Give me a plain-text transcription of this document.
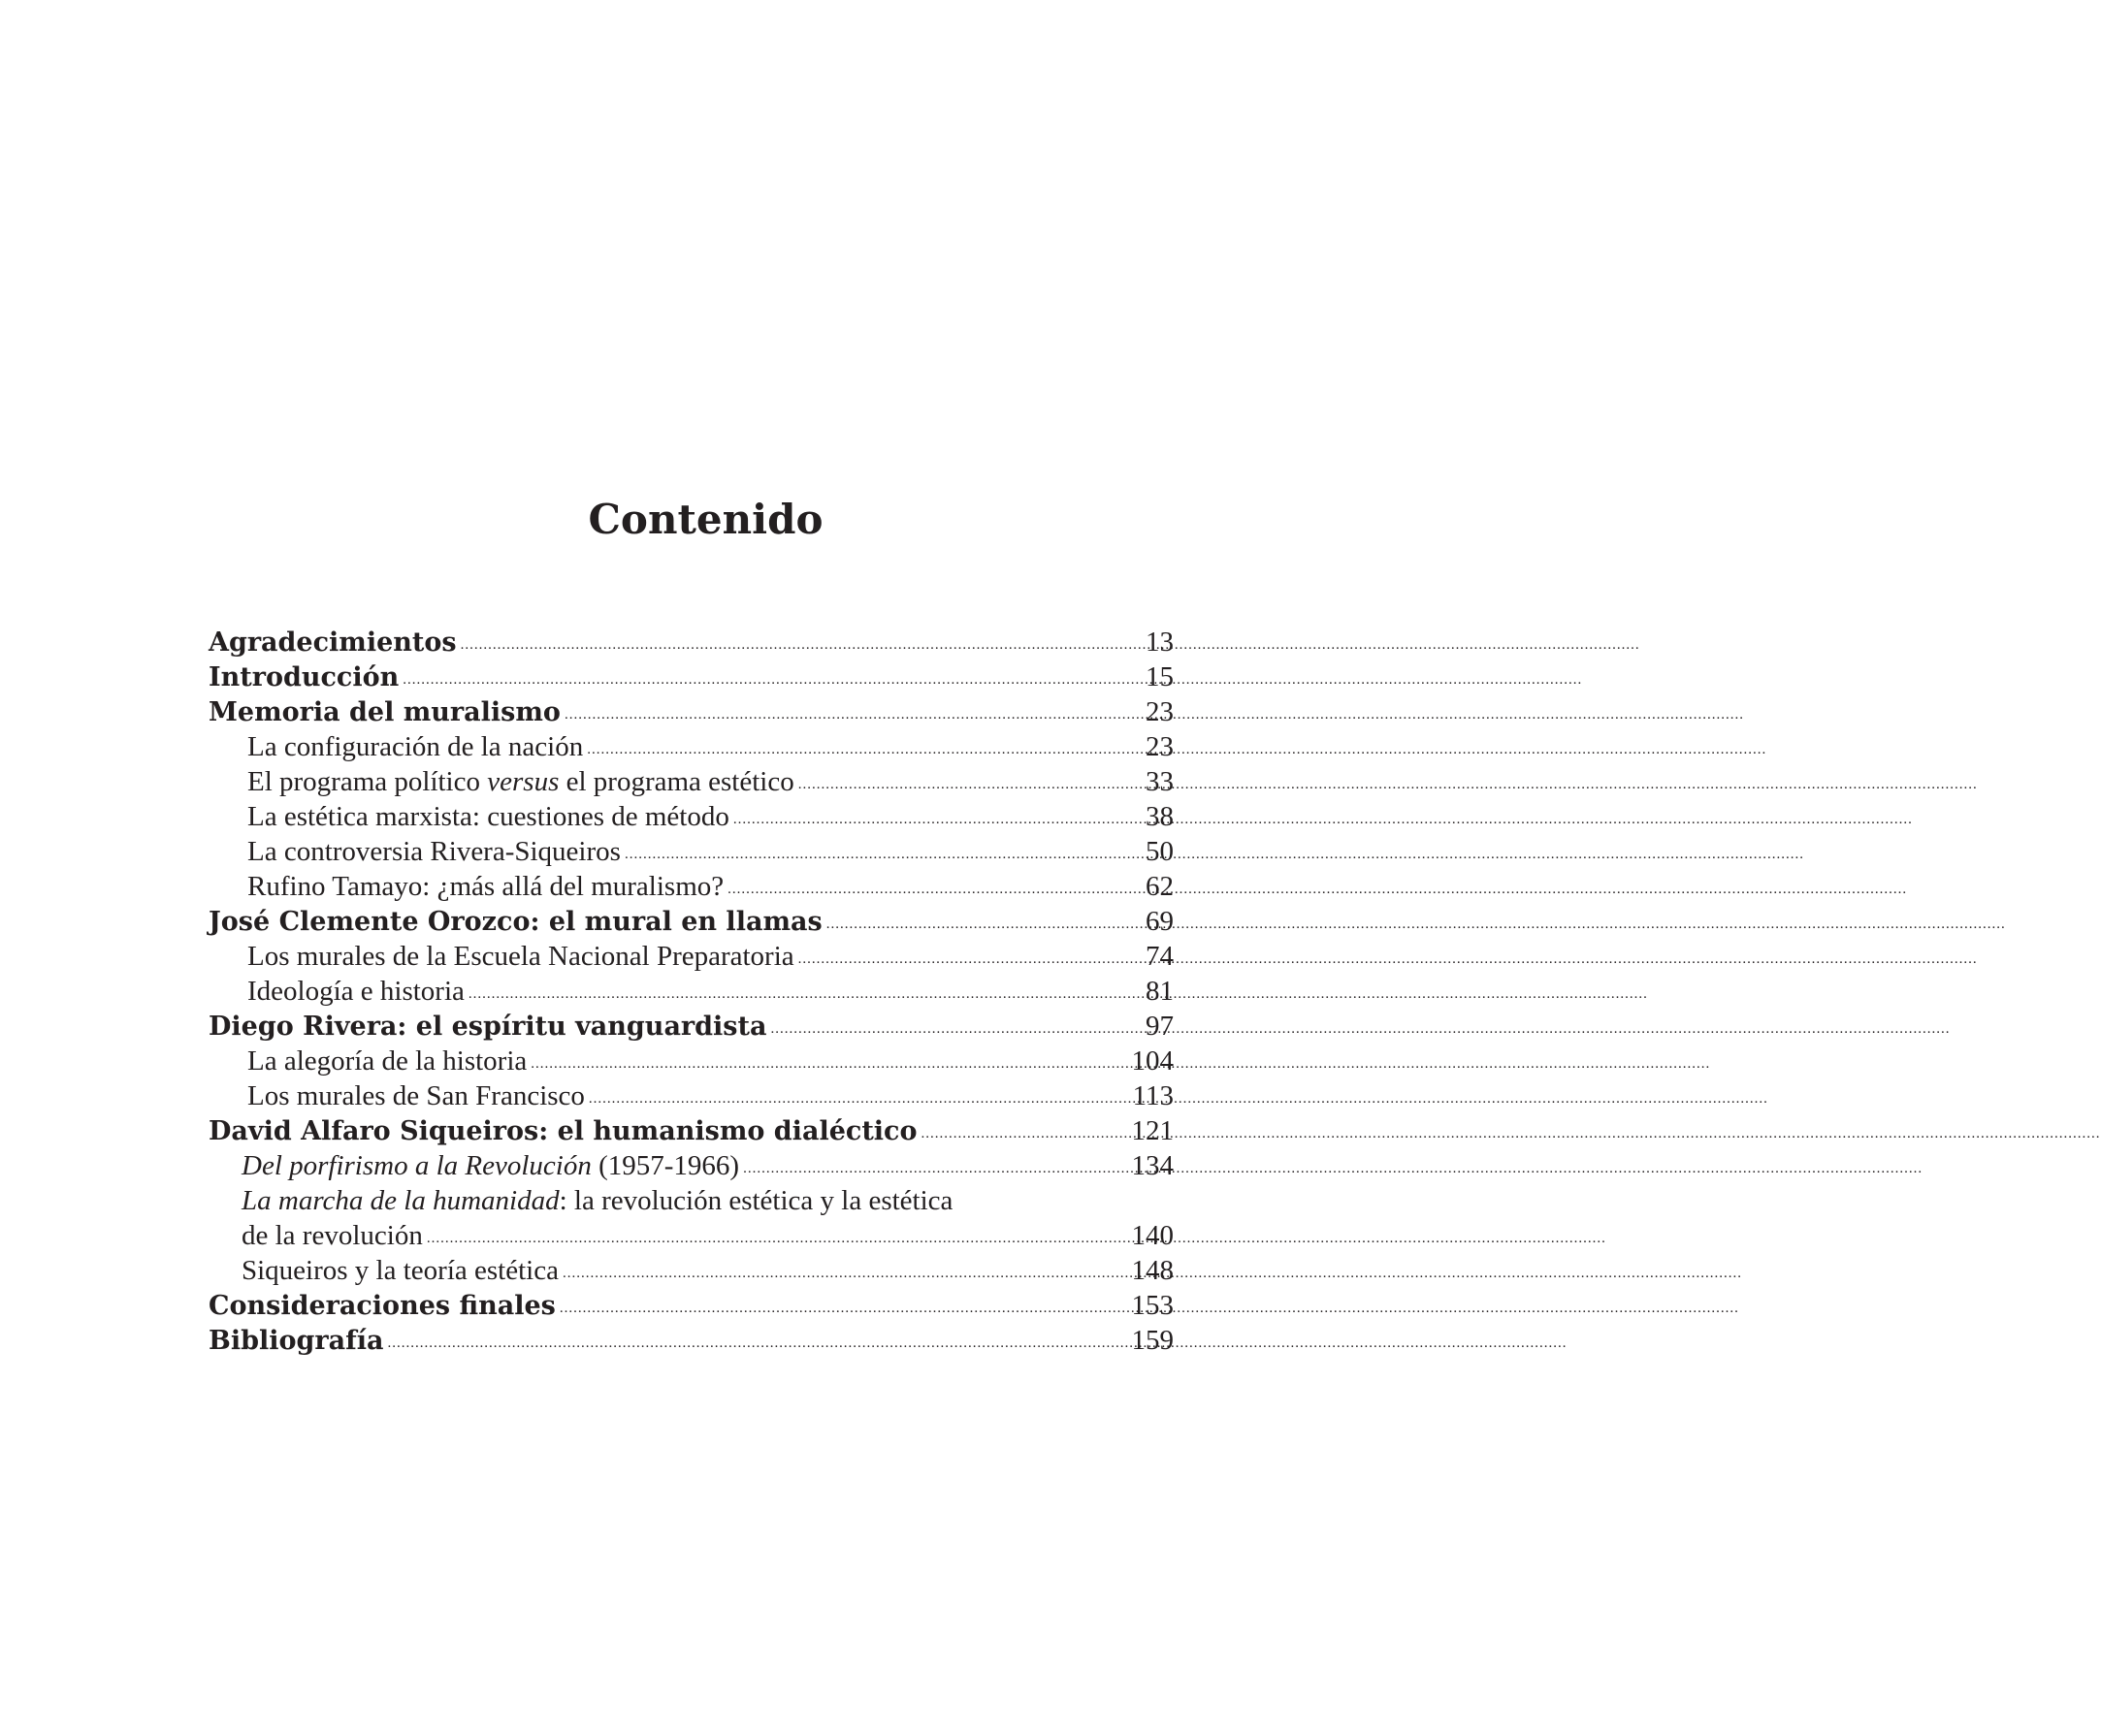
Contenido
Agradecimientos .....	13
Introducción .....	15
Memoria del muralismo .....	23
La configuración de la nación .....	23
El programa político versus el programa estético .....	33
La estética marxista: cuestiones de método .....	38
La controversia Rivera-Siqueiros .....	50
Rufino Tamayo: ¿más allá del muralismo? .....	62
José Clemente Orozco: el mural en llamas .....	69
Los murales de la Escuela Nacional Preparatoria .....	74
Ideología e historia .....	81
Diego Rivera: el espíritu vanguardista .....	97
La alegoría de la historia .....	104
Los murales de San Francisco .....	113
David Alfaro Siqueiros: el humanismo dialéctico .....	121
Del porfirismo a la Revolución (1957-1966) .....	134
La marcha de la humanidad: la revolución estética y la estética
de la revolución .....	140
Siqueiros y la teoría estética .....	148
Consideraciones finales .....	153
Bibliografía .....	159
